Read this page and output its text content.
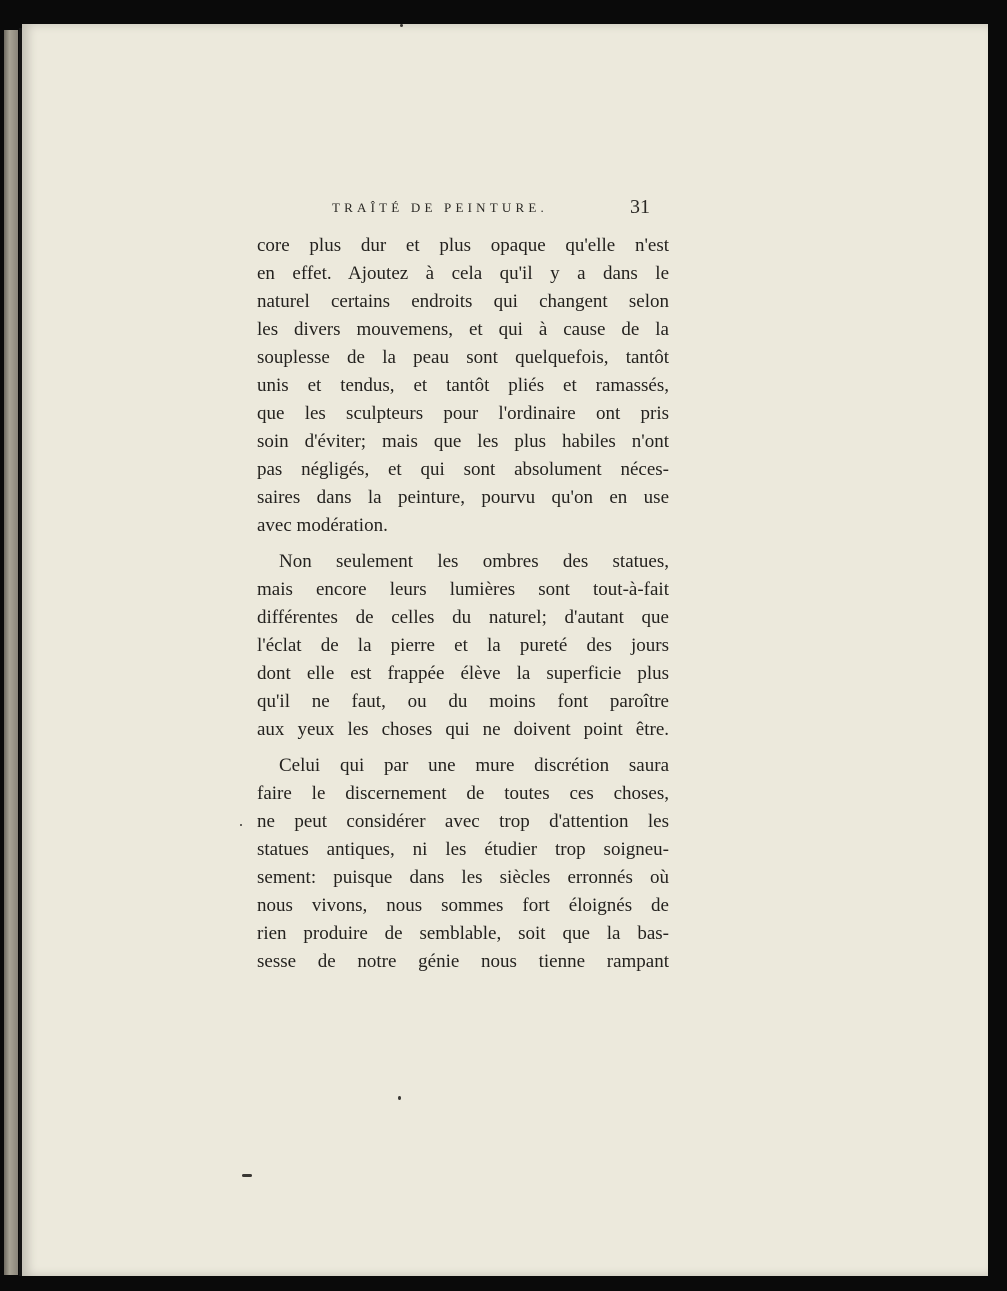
TRAÎTÉ DE PEINTURE.	31
core plus dur et plus opaque qu'elle n'est
en effet. Ajoutez à cela qu'il y a dans le
naturel certains endroits qui changent selon
les divers mouvemens, et qui à cause de la
souplesse de la peau sont quelquefois, tantôt
unis et tendus, et tantôt pliés et ramassés,
que les sculpteurs pour l'ordinaire ont pris
soin d'éviter; mais que les plus habiles n'ont
pas négligés, et qui sont absolument néces-
saires dans la peinture, pourvu qu'on en use
avec modération.
Non seulement les ombres des statues,
mais encore leurs lumières sont tout-à-fait
différentes de celles du naturel; d'autant que
l'éclat de la pierre et la pureté des jours
dont elle est frappée élève la superficie plus
qu'il ne faut, ou du moins font paroître
aux yeux les choses qui ne doivent point être.
Celui qui par une mure discrétion saura
faire le discernement de toutes ces choses,
ne peut considérer avec trop d'attention les
statues antiques, ni les étudier trop soigneu-
sement: puisque dans les siècles erronnés où
nous vivons, nous sommes fort éloignés de
rien produire de semblable, soit que la bas-
sesse de notre génie nous tienne rampant
